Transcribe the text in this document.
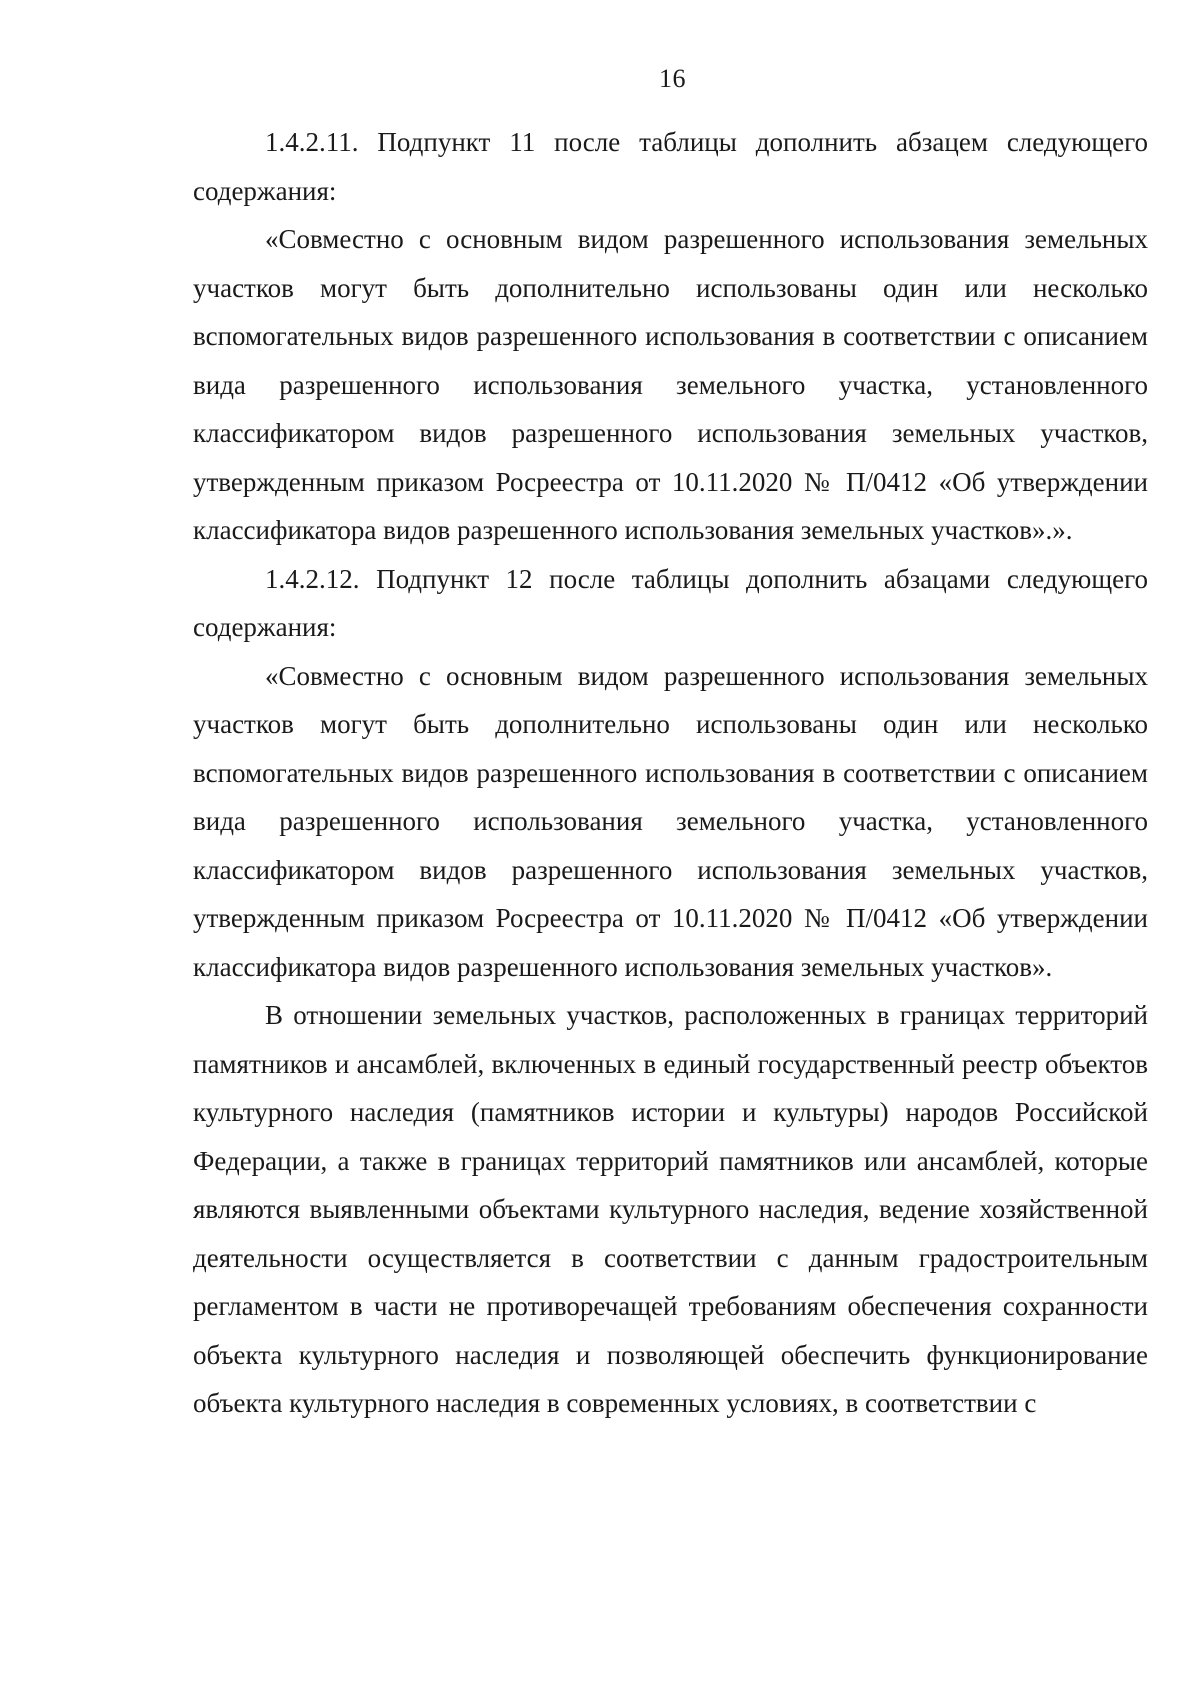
16

1.4.2.11. Подпункт 11 после таблицы дополнить абзацем следующего содержания:

«Совместно с основным видом разрешенного использования земельных участков могут быть дополнительно использованы один или несколько вспомогательных видов разрешенного использования в соответствии с описанием вида разрешенного использования земельного участка, установленного классификатором видов разрешенного использования земельных участков, утвержденным приказом Росреестра от 10.11.2020 № П/0412 «Об утверждении классификатора видов разрешенного использования земельных участков».».

1.4.2.12. Подпункт 12 после таблицы дополнить абзацами следующего содержания:

«Совместно с основным видом разрешенного использования земельных участков могут быть дополнительно использованы один или несколько вспомогательных видов разрешенного использования в соответствии с описанием вида разрешенного использования земельного участка, установленного классификатором видов разрешенного использования земельных участков, утвержденным приказом Росреестра от 10.11.2020 № П/0412 «Об утверждении классификатора видов разрешенного использования земельных участков».

В отношении земельных участков, расположенных в границах территорий памятников и ансамблей, включенных в единый государственный реестр объектов культурного наследия (памятников истории и культуры) народов Российской Федерации, а также в границах территорий памятников или ансамблей, которые являются выявленными объектами культурного наследия, ведение хозяйственной деятельности осуществляется в соответствии с данным градостроительным регламентом в части не противоречащей требованиям обеспечения сохранности объекта культурного наследия и позволяющей обеспечить функционирование объекта культурного наследия в современных условиях, в соответствии с
